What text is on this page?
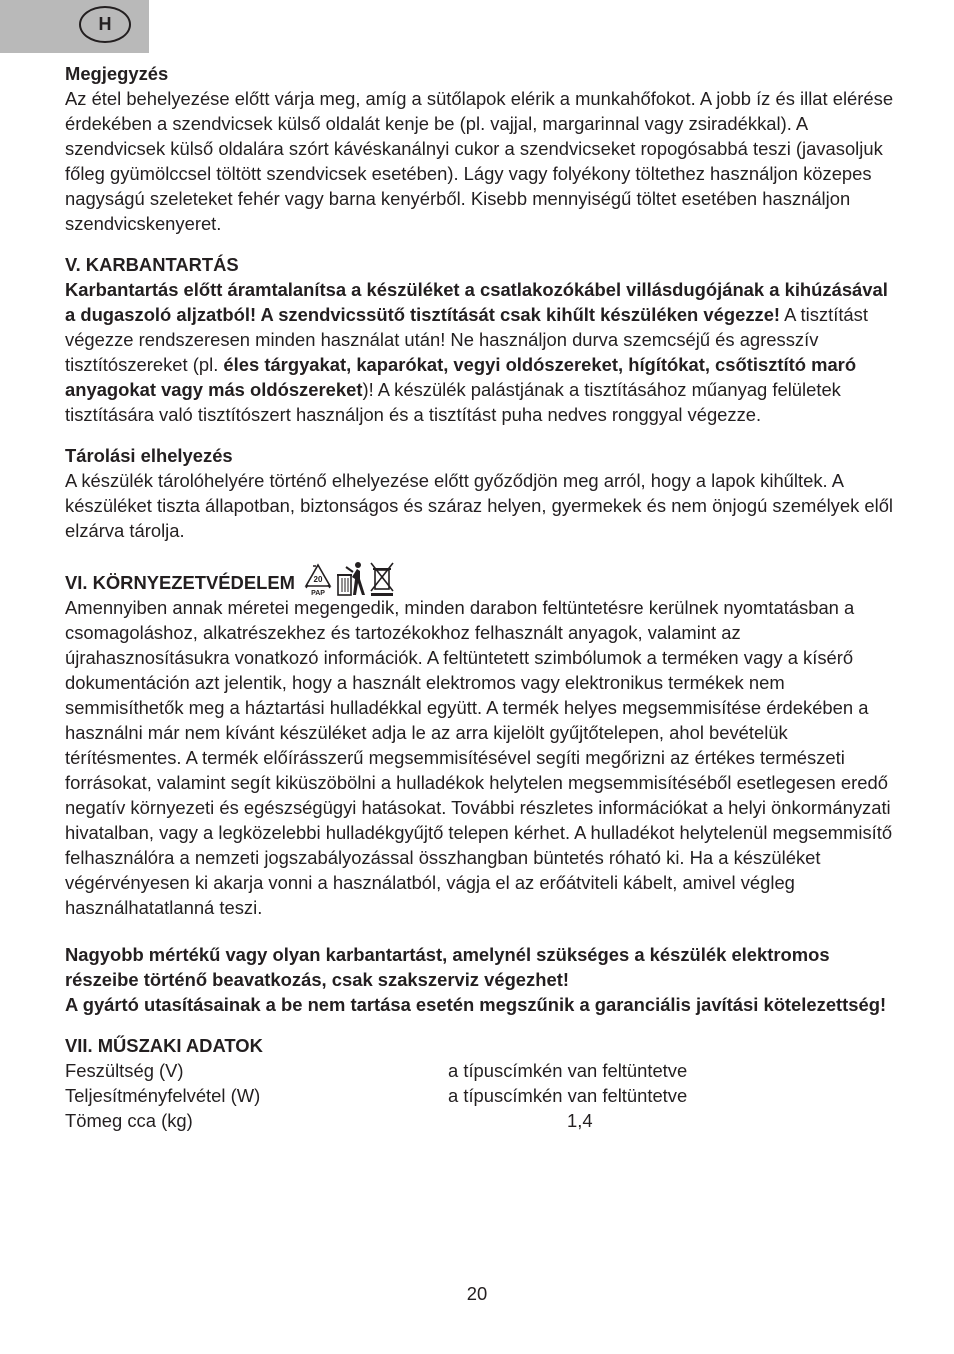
H

Megjegyzés

Az étel behelyezése előtt várja meg, amíg a sütőlapok elérik a munkahőfokot. A jobb íz és illat elérése érdekében a szendvicsek külső oldalát kenje be (pl. vajjal, margarinnal vagy zsiradékkal). A szendvicsek külső oldalára szórt kávéskanálnyi cukor a szendvicseket ropogósabbá teszi (javasoljuk főleg gyümölccsel töltött szendvicsek esetében). Lágy vagy folyékony töltethez használjon közepes nagyságú szeleteket fehér vagy barna kenyérből. Kisebb mennyiségű töltet esetében használjon szendvicskenyeret.

V. KARBANTARTÁS

Karbantartás előtt áramtalanítsa a készüléket a csatlakozókábel villásdugójának a kihúzásával a dugaszoló aljzatból! A szendvicssütő tisztítását csak kihűlt készüléken végezze! A tisztítást végezze rendszeresen minden használat után! Ne használjon durva szemcséjű és agresszív tisztítószereket (pl. éles tárgyakat, kaparókat, vegyi oldószereket, hígítókat, csőtisztító maró anyagokat vagy más oldószereket)! A készülék palástjának a tisztításához műanyag felületek tisztítására való tisztítószert használjon és a tisztítást puha nedves ronggyal végezze.

Tárolási elhelyezés

A készülék tárolóhelyére történő elhelyezése előtt győződjön meg arról, hogy a lapok kihűltek. A készüléket tiszta állapotban, biztonságos és száraz helyen, gyermekek és nem önjogú személyek elől elzárva tárolja.

VI. KÖRNYEZETVÉDELEM 20
PAP

Amennyiben annak méretei megengedik, minden darabon feltüntetésre kerülnek nyomtatásban a csomagoláshoz, alkatrészekhez és tartozékokhoz felhasznált anyagok, valamint az újrahasznosításukra vonatkozó információk. A feltüntetett szimbólumok a terméken vagy a kísérő dokumentáción azt jelentik, hogy a használt elektromos vagy elektronikus termékek nem semmisíthetők meg a háztartási hulladékkal együtt. A termék helyes megsemmisítése érdekében a használni már nem kívánt készüléket adja le az arra kijelölt gyűjtőtelepen, ahol bevételük térítésmentes. A termék előírásszerű megsemmisítésével segíti megőrizni az értékes természeti forrásokat, valamint segít kiküszöbölni a hulladékok helytelen megsemmisítéséből esetlegesen eredő negatív környezeti és egészségügyi hatásokat. További részletes információkat a helyi önkormányzati hivatalban, vagy a legközelebbi hulladékgyűjtő telepen kérhet. A hulladékot helytelenül megsemmisítő felhasználóra a nemzeti jogszabályozással összhangban büntetés róható ki. Ha a készüléket végérvényesen ki akarja vonni a használatból, vágja el az erőátviteli kábelt, amivel végleg használhatatlanná teszi.

Nagyobb mértékű vagy olyan karbantartást, amelynél szükséges a készülék elektromos részeibe történő beavatkozás, csak szakszerviz végezhet!

A gyártó utasításainak a be nem tartása esetén megszűnik a garanciális javítási kötelezettség!

VII. MŰSZAKI ADATOK

Feszültség (V)	a típuscímkén van feltüntetve
Teljesítményfelvétel (W)	a típuscímkén van feltüntetve
Tömeg cca (kg)	1,4
20
